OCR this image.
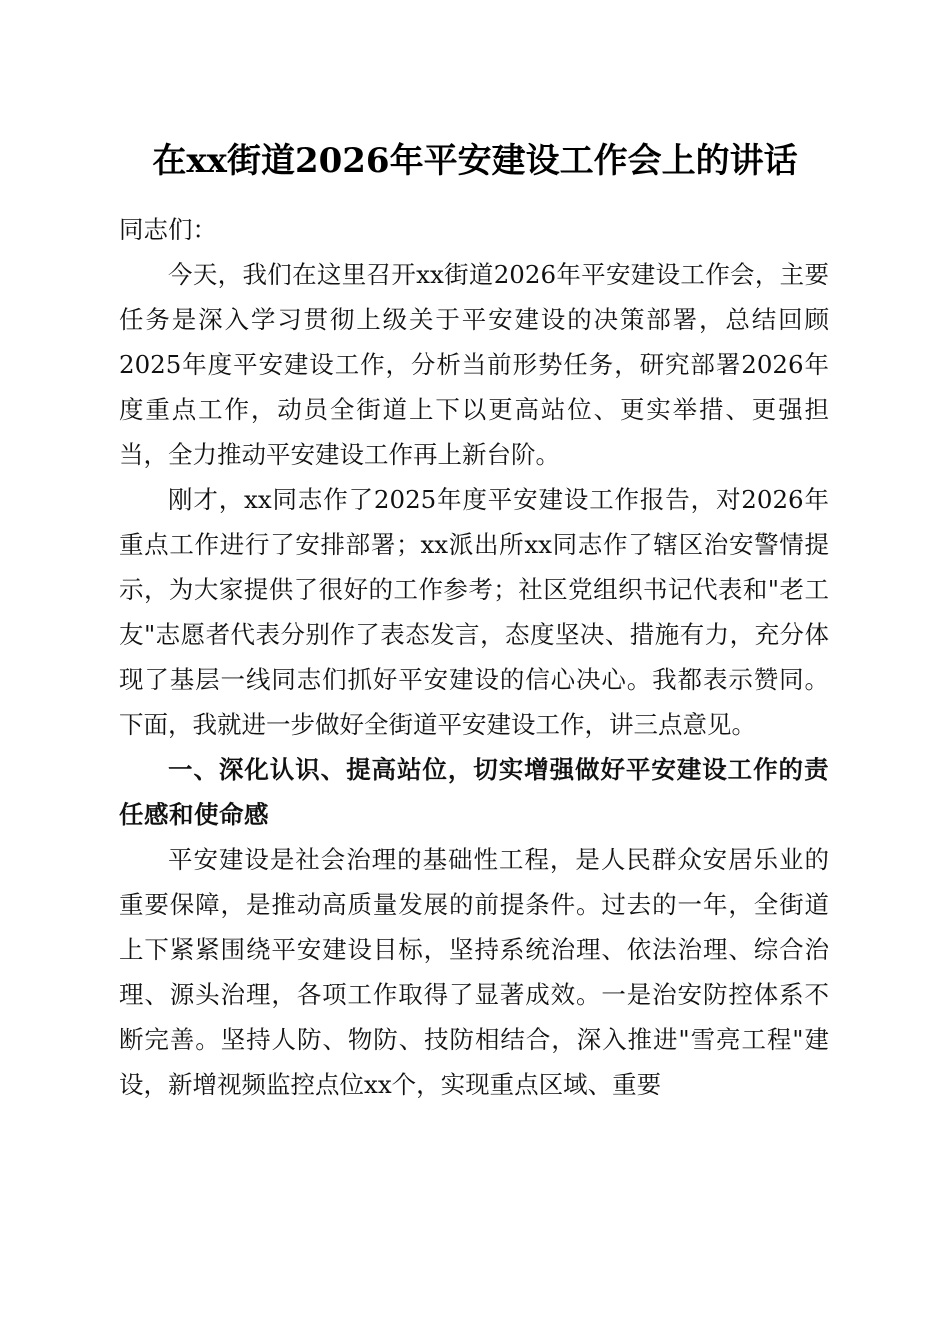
在xx街道2026年平安建设工作会上的讲话

同志们：

今天，我们在这里召开xx街道2026年平安建设工作会，主要任务是深入学习贯彻上级关于平安建设的决策部署，总结回顾2025年度平安建设工作，分析当前形势任务，研究部署2026年度重点工作，动员全街道上下以更高站位、更实举措、更强担当，全力推动平安建设工作再上新台阶。

刚才，xx同志作了2025年度平安建设工作报告，对2026年重点工作进行了安排部署；xx派出所xx同志作了辖区治安警情提示，为大家提供了很好的工作参考；社区党组织书记代表和"老工友"志愿者代表分别作了表态发言，态度坚决、措施有力，充分体现了基层一线同志们抓好平安建设的信心决心。我都表示赞同。下面，我就进一步做好全街道平安建设工作，讲三点意见。

一、深化认识、提高站位，切实增强做好平安建设工作的责任感和使命感

平安建设是社会治理的基础性工程，是人民群众安居乐业的重要保障，是推动高质量发展的前提条件。过去的一年，全街道上下紧紧围绕平安建设目标，坚持系统治理、依法治理、综合治理、源头治理，各项工作取得了显著成效。一是治安防控体系不断完善。坚持人防、物防、技防相结合，深入推进"雪亮工程"建设，新增视频监控点位xx个，实现重点区域、重要
